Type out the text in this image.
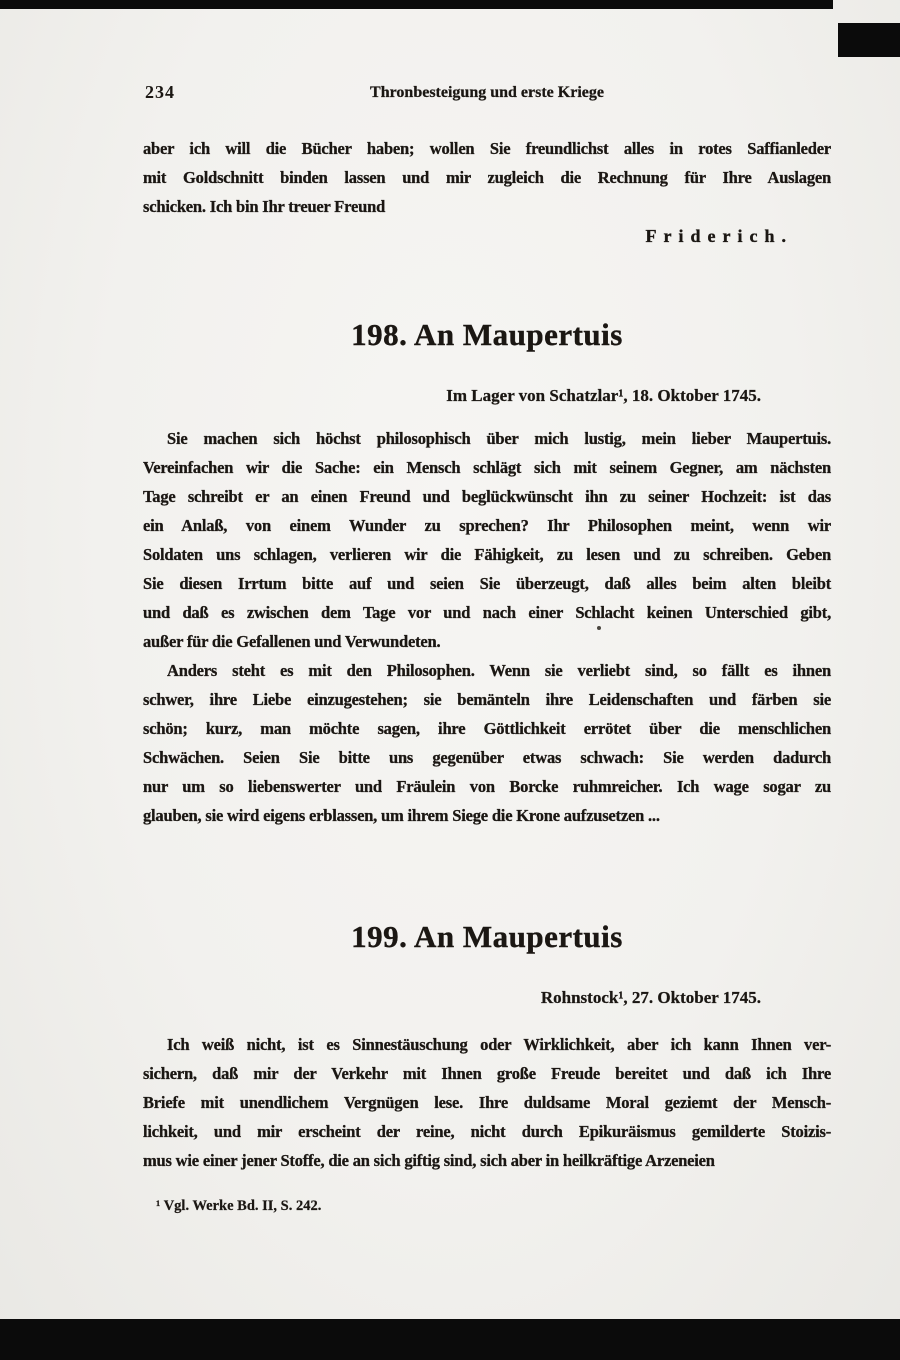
234	Thronbesteigung und erste Kriege
aber ich will die Bücher haben; wollen Sie freundlichst alles in rotes Saffianleder
mit Goldschnitt binden lassen und mir zugleich die Rechnung für Ihre Auslagen
schicken. Ich bin Ihr treuer Freund
Friderich.
198. An Maupertuis
Im Lager von Schatzlar¹, 18. Oktober 1745.
Sie machen sich höchst philosophisch über mich lustig, mein lieber Maupertuis.
Vereinfachen wir die Sache: ein Mensch schlägt sich mit seinem Gegner, am nächsten
Tage schreibt er an einen Freund und beglückwünscht ihn zu seiner Hochzeit: ist das
ein Anlaß, von einem Wunder zu sprechen? Ihr Philosophen meint, wenn wir
Soldaten uns schlagen, verlieren wir die Fähigkeit, zu lesen und zu schreiben. Geben
Sie diesen Irrtum bitte auf und seien Sie überzeugt, daß alles beim alten bleibt
und daß es zwischen dem Tage vor und nach einer Schlacht keinen Unterschied gibt,
außer für die Gefallenen und Verwundeten.
Anders steht es mit den Philosophen. Wenn sie verliebt sind, so fällt es ihnen
schwer, ihre Liebe einzugestehen; sie bemänteln ihre Leidenschaften und färben sie
schön; kurz, man möchte sagen, ihre Göttlichkeit errötet über die menschlichen
Schwächen. Seien Sie bitte uns gegenüber etwas schwach: Sie werden dadurch
nur um so liebenswerter und Fräulein von Borcke ruhmreicher. Ich wage sogar zu
glauben, sie wird eigens erblassen, um ihrem Siege die Krone aufzusetzen ...
199. An Maupertuis
Rohnstock¹, 27. Oktober 1745.
Ich weiß nicht, ist es Sinnestäuschung oder Wirklichkeit, aber ich kann Ihnen ver-
sichern, daß mir der Verkehr mit Ihnen große Freude bereitet und daß ich Ihre
Briefe mit unendlichem Vergnügen lese. Ihre duldsame Moral geziemt der Mensch-
lichkeit, und mir erscheint der reine, nicht durch Epikuräismus gemilderte Stoizis-
mus wie einer jener Stoffe, die an sich giftig sind, sich aber in heilkräftige Arzeneien
¹ Vgl. Werke Bd. II, S. 242.
